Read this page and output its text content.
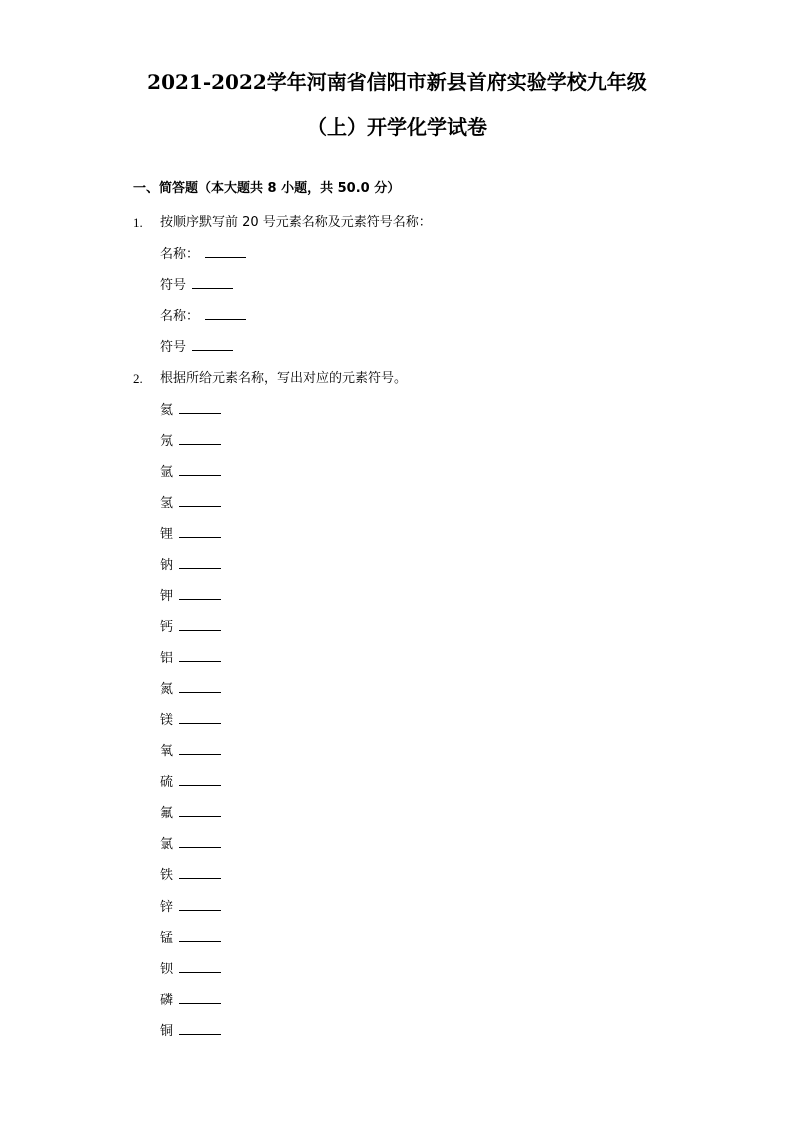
2021-2022学年河南省信阳市新县首府实验学校九年级
（上）开学化学试卷
一、简答题（本大题共 8 小题，共 50.0 分）
1. 按顺序默写前 20 号元素名称及元素符号名称：
名称：
符号
名称：
符号
2. 根据所给元素名称，写出对应的元素符号。
氦
氖
氩
氢
锂
钠
钾
钙
铝
氮
镁
氧
硫
氟
氯
铁
锌
锰
钡
磷
铜
